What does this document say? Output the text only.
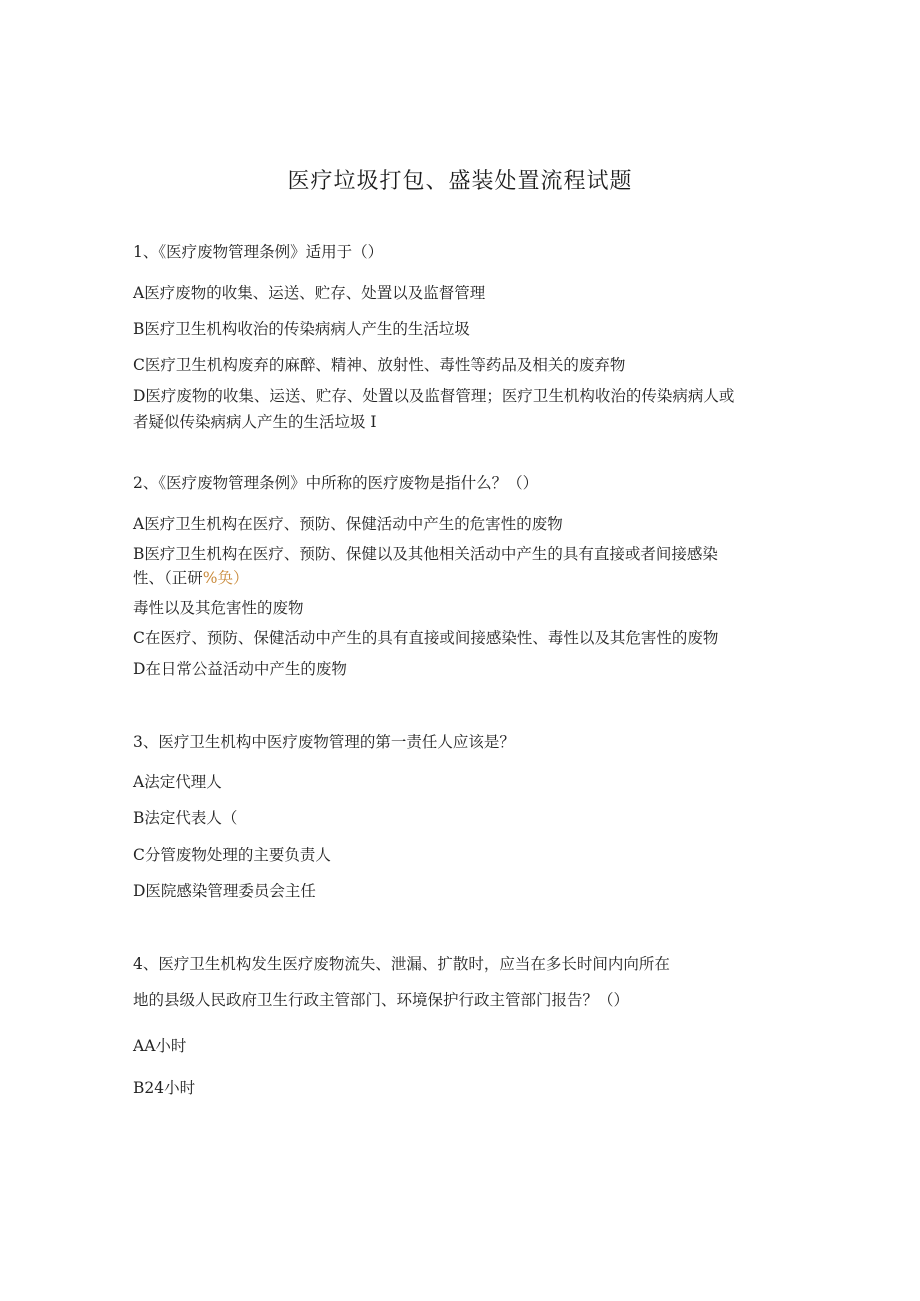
医疗垃圾打包、盛装处置流程试题
1、《医疗废物管理条例》适用于（）
A医疗废物的收集、运送、贮存、处置以及监督管理
B医疗卫生机构收治的传染病病人产生的生活垃圾
C医疗卫生机构废弃的麻醉、精神、放射性、毒性等药品及相关的废弃物
D医疗废物的收集、运送、贮存、处置以及监督管理；医疗卫生机构收治的传染病病人或
者疑似传染病病人产生的生活垃圾 I
2、《医疗废物管理条例》中所称的医疗废物是指什么？（）
A医疗卫生机构在医疗、预防、保健活动中产生的危害性的废物
B医疗卫生机构在医疗、预防、保健以及其他相关活动中产生的具有直接或者间接感染
性、（正研%奂）
毒性以及其危害性的废物
C在医疗、预防、保健活动中产生的具有直接或间接感染性、毒性以及其危害性的废物
D在日常公益活动中产生的废物
3、医疗卫生机构中医疗废物管理的第一责任人应该是？
A法定代理人
B法定代表人（
C分管废物处理的主要负责人
D医院感染管理委员会主任
4、医疗卫生机构发生医疗废物流失、泄漏、扩散时，应当在多长时间内向所在
地的县级人民政府卫生行政主管部门、环境保护行政主管部门报告？（）
AA小时
B24小时
